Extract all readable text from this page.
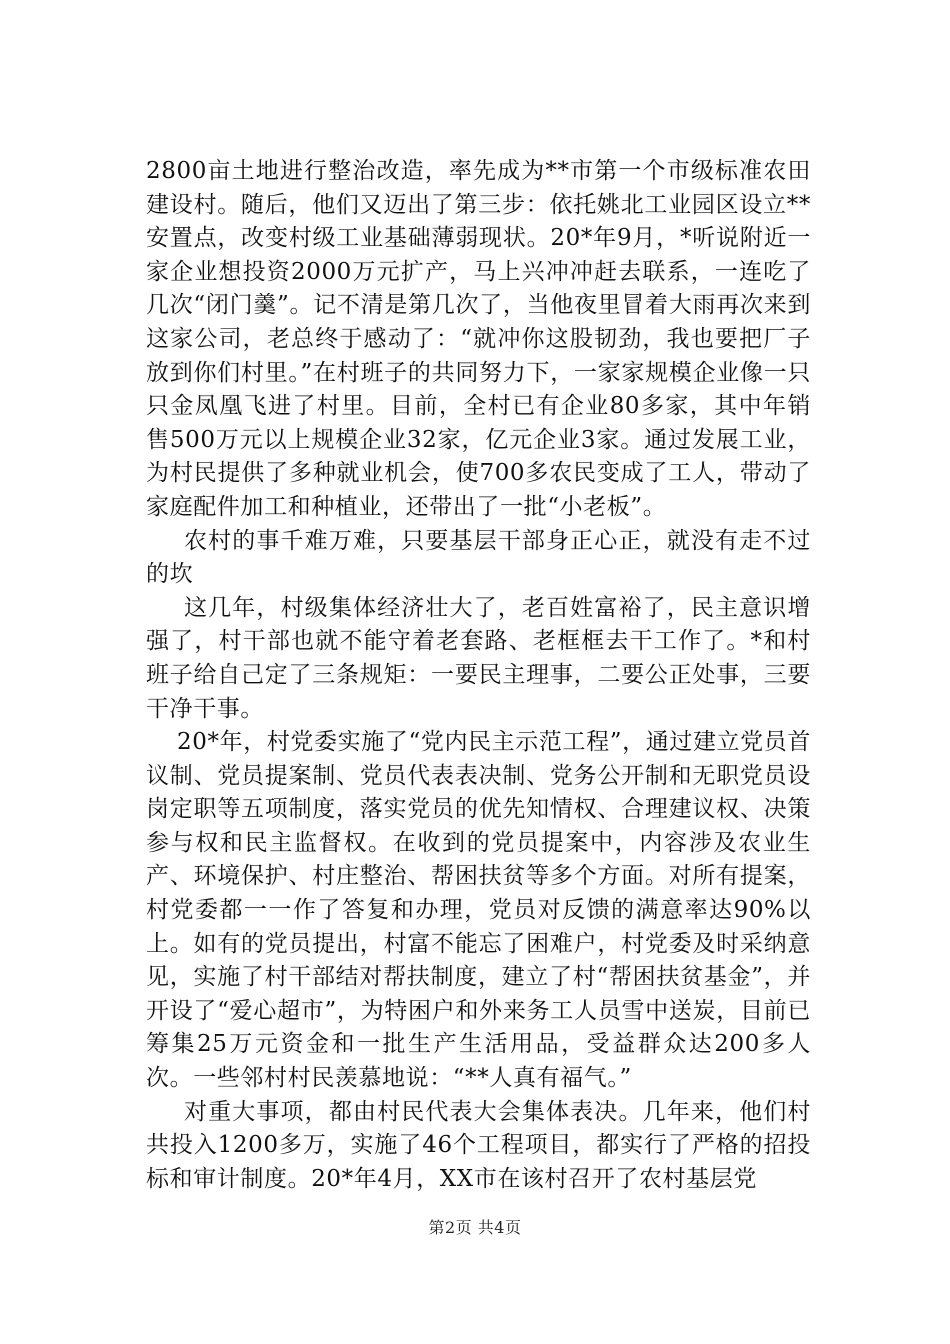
2800亩土地进行整治改造，率先成为**市第一个市级标准农田建设村。随后，他们又迈出了第三步：依托姚北工业园区设立**安置点，改变村级工业基础薄弱现状。20*年9月，*听说附近一家企业想投资2000万元扩产，马上兴冲冲赶去联系，一连吃了几次“闭门羹”。记不清是第几次了，当他夜里冒着大雨再次来到这家公司，老总终于感动了：“就冲你这股韧劲，我也要把厂子放到你们村里。”在村班子的共同努力下，一家家规模企业像一只只金凤凰飞进了村里。目前，全村已有企业80多家，其中年销售500万元以上规模企业32家，亿元企业3家。通过发展工业，为村民提供了多种就业机会，使700多农民变成了工人，带动了家庭配件加工和种植业，还带出了一批“小老板”。

农村的事千难万难，只要基层干部身正心正，就没有走不过的坎

这几年，村级集体经济壮大了，老百姓富裕了，民主意识增强了，村干部也就不能守着老套路、老框框去干工作了。*和村班子给自己定了三条规矩：一要民主理事，二要公正处事，三要干净干事。

20*年，村党委实施了“党内民主示范工程”，通过建立党员首议制、党员提案制、党员代表表决制、党务公开制和无职党员设岗定职等五项制度，落实党员的优先知情权、合理建议权、决策参与权和民主监督权。在收到的党员提案中，内容涉及农业生产、环境保护、村庄整治、帮困扶贫等多个方面。对所有提案，村党委都一一作了答复和办理，党员对反馈的满意率达90%以上。如有的党员提出，村富不能忘了困难户，村党委及时采纳意见，实施了村干部结对帮扶制度，建立了村“帮困扶贫基金”，并开设了“爱心超市”，为特困户和外来务工人员雪中送炭，目前已筹集25万元资金和一批生产生活用品，受益群众达200多人次。一些邻村村民羡慕地说：“**人真有福气。”

对重大事项，都由村民代表大会集体表决。几年来，他们村共投入1200多万，实施了46个工程项目，都实行了严格的招投标和审计制度。20*年4月，XX市在该村召开了农村基层党

第2页 共4页
